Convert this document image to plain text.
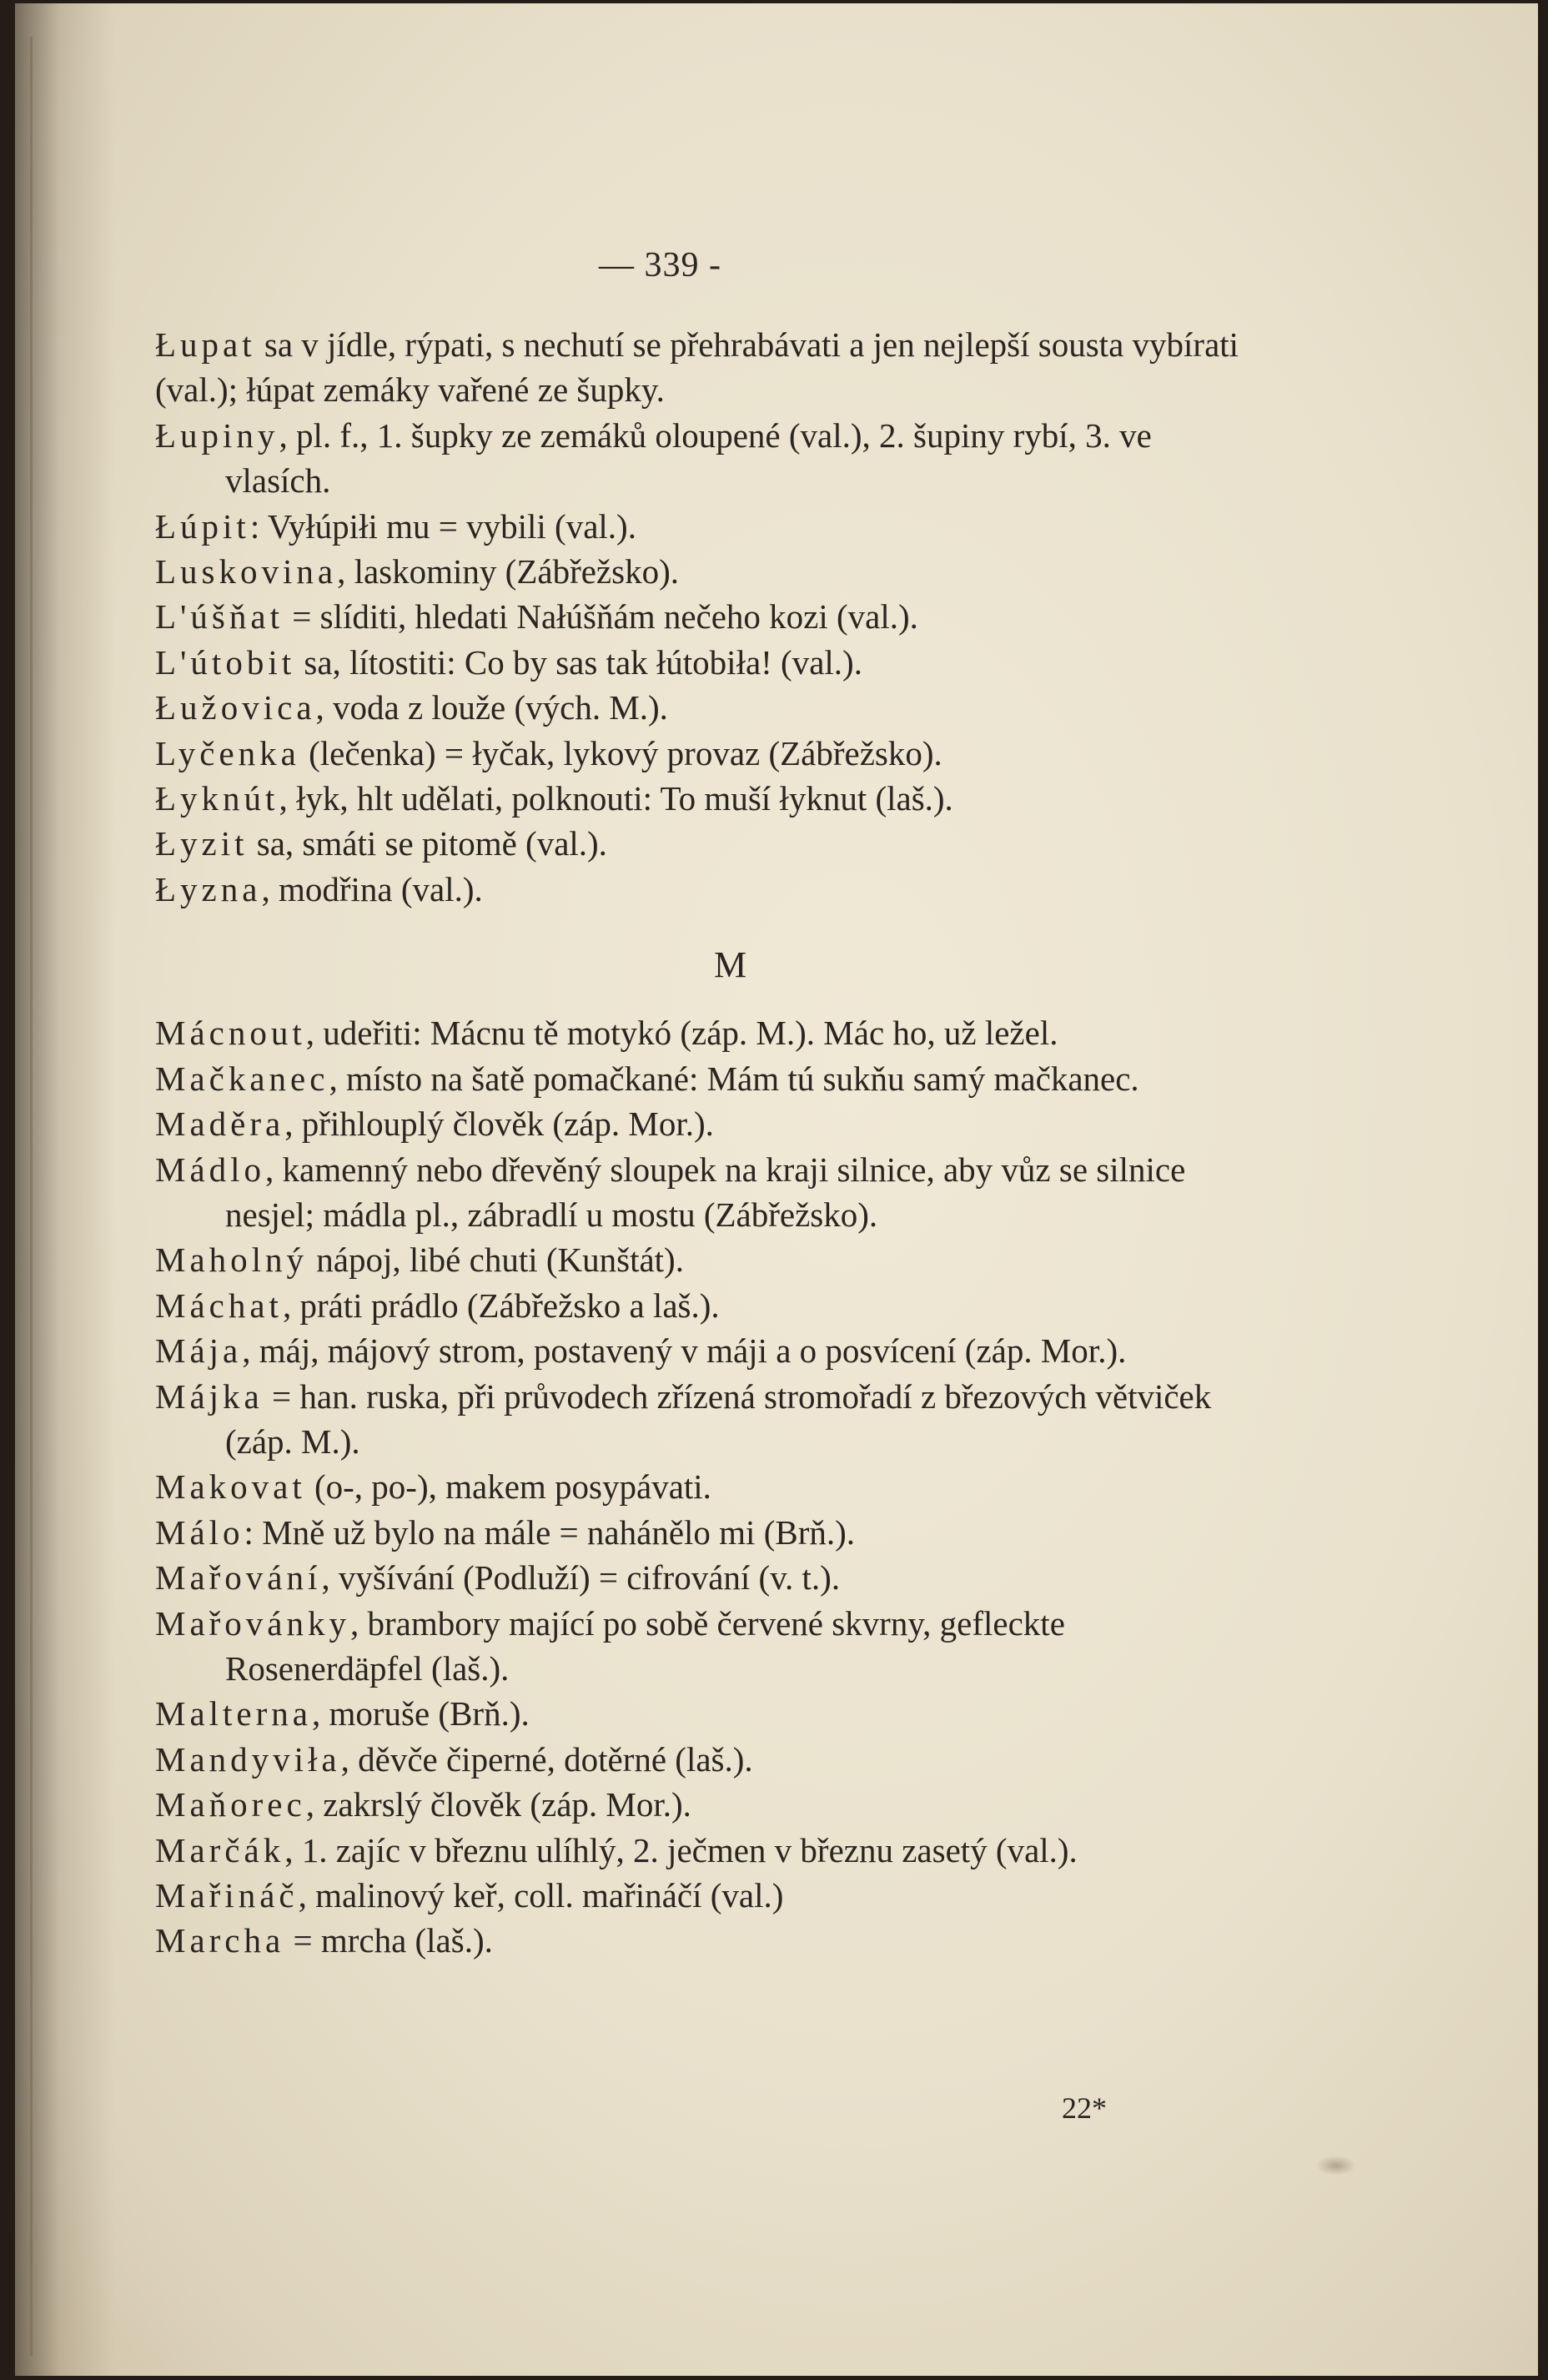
— 339 -
Łupat sa v jídle, rýpati, s nechutí se přehrabávati a jen nejlepší sousta vybírati (val.); łúpat zemáky vařené ze šupky.
Łupiny, pl. f., 1. šupky ze zemáků oloupené (val.), 2. šupiny rybí, 3. ve vlasích.
Łúpit: Vyłúpiłi mu = vybili (val.).
Luskovina, laskominy (Zábřežsko).
L'úšňat = slíditi, hledati Nałúšňám nečeho kozi (val.).
L'útobit sa, lítostiti: Co by sas tak łútobiła! (val.).
Łužovica, voda z louže (vých. M.).
Lyčenka (lečenka) = łyčak, lykový provaz (Zábřežsko).
Łyknút, łyk, hlt udělati, polknouti: To muší łyknut (laš.).
Łyzit sa, smáti se pitomě (val.).
Łyzna, modřina (val.).
M
Mácnout, udeřiti: Mácnu tě motykó (záp. M.). Mác ho, už ležel.
Mačkanec, místo na šatě pomačkané: Mám tú sukňu samý mačkanec.
Maděra, přihlouplý člověk (záp. Mor.).
Mádlo, kamenný nebo dřevěný sloupek na kraji silnice, aby vůz se silnice nesjel; mádla pl., zábradlí u mostu (Zábřežsko).
Maholný nápoj, libé chuti (Kunštát).
Máchat, práti prádlo (Zábřežsko a laš.).
Mája, máj, májový strom, postavený v máji a o posvícení (záp. Mor.).
Májka = han. ruska, při průvodech zřízená stromořadí z březových větviček (záp. M.).
Makovat (o-, po-), makem posypávati.
Málo: Mně už bylo na mále = nahánělo mi (Brň.).
Mařování, vyšívání (Podluží) = cifrování (v. t.).
Mařovánky, brambory mající po sobě červené skvrny, gefleckte Rosenerdäpfel (laš.).
Malterna, moruše (Brň.).
Mandyviła, děvče čiperné, dotěrné (laš.).
Maňorec, zakrslý člověk (záp. Mor.).
Marčák, 1. zajíc v březnu ulíhlý, 2. ječmen v březnu zasetý (val.).
Mařináč, malinový keř, coll. mařináčí (val.)
Marcha = mrcha (laš.).
22*
